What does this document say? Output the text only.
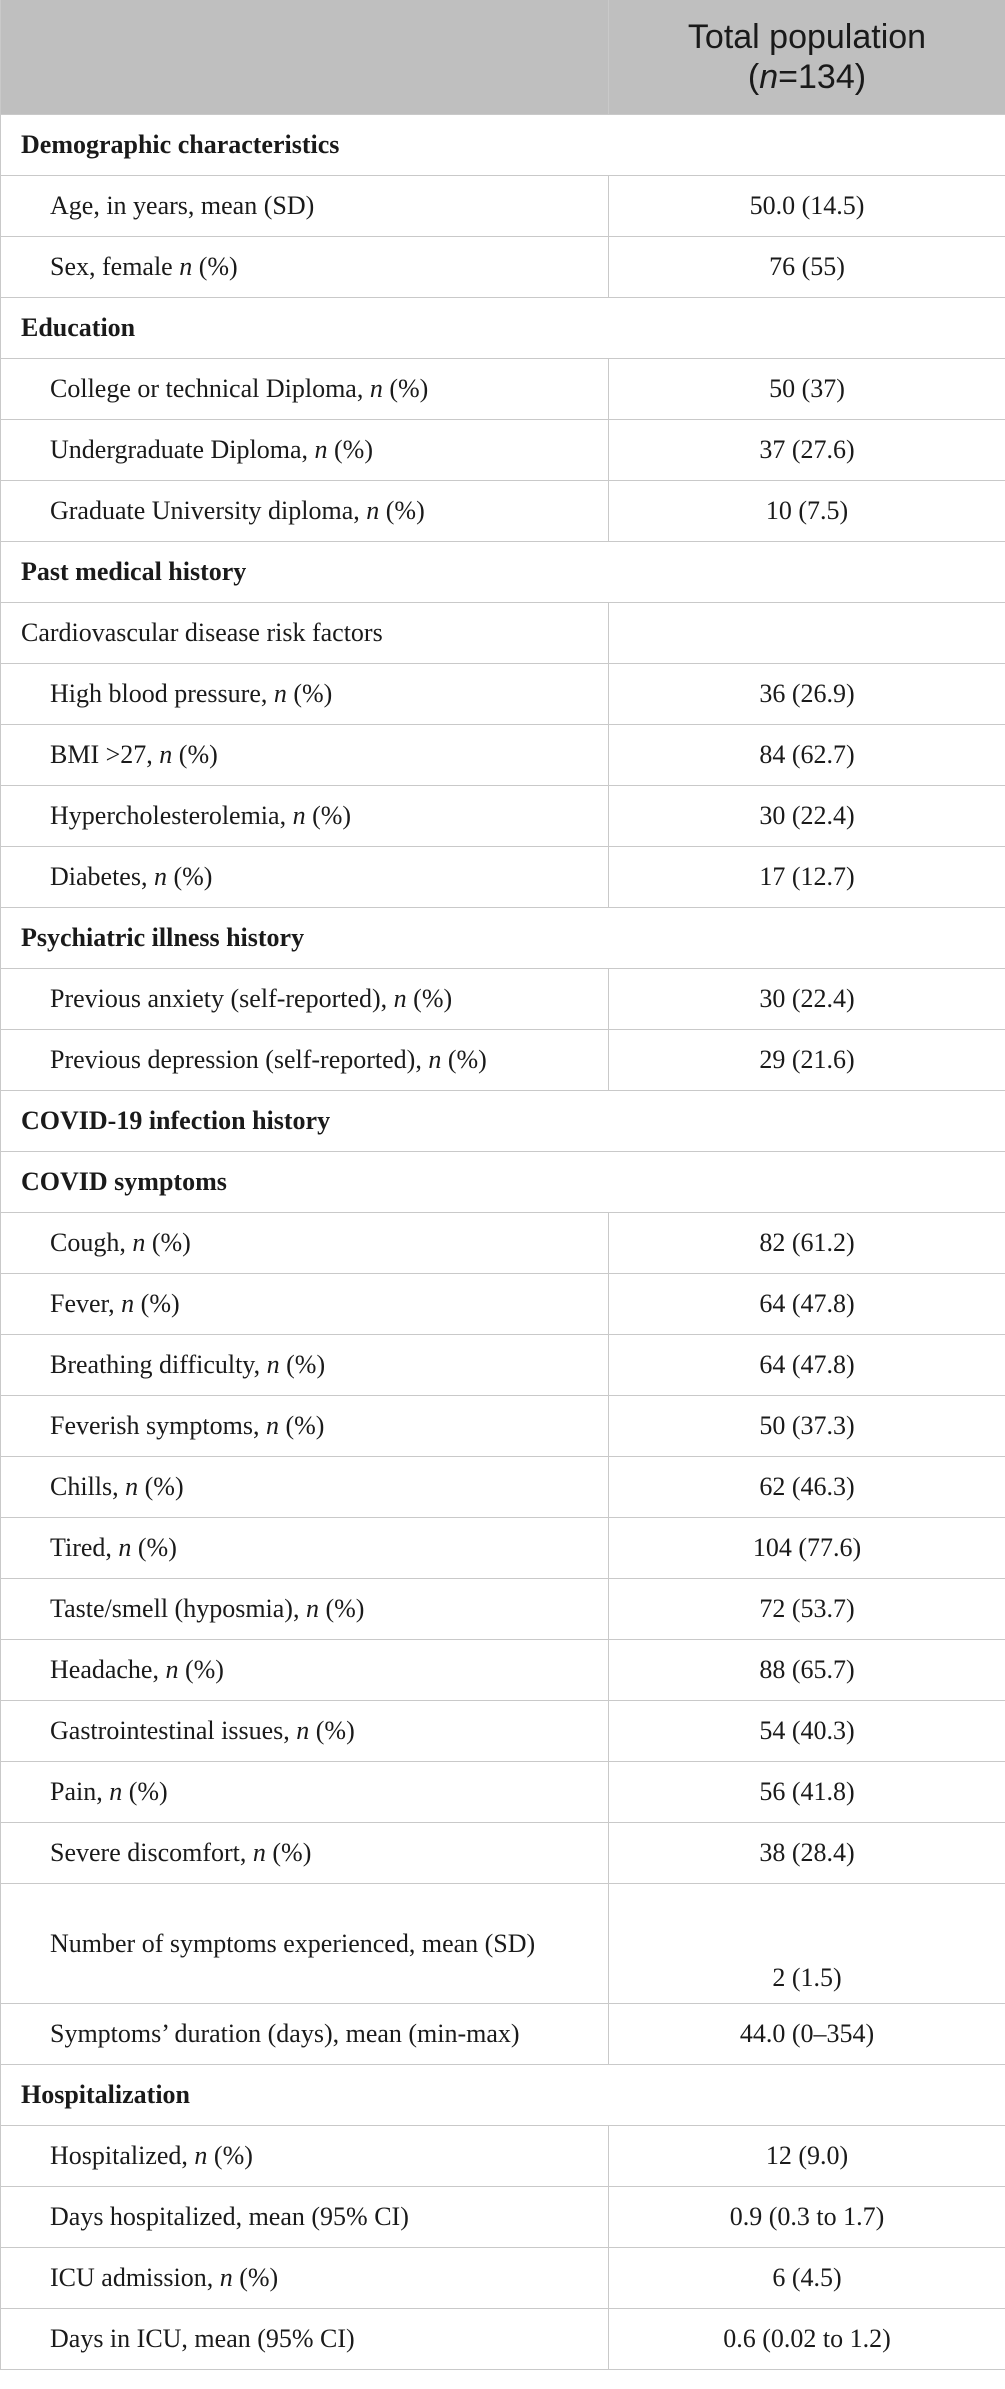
	Total population
(n=134)
Demographic characteristics	
Age, in years, mean (SD)	50.0 (14.5)
Sex, female n (%)	76 (55)
Education	
College or technical Diploma, n (%)	50 (37)
Undergraduate Diploma, n (%)	37 (27.6)
Graduate University diploma, n (%)	10 (7.5)
Past medical history	
Cardiovascular disease risk factors	
High blood pressure, n (%)	36 (26.9)
BMI >27, n (%)	84 (62.7)
Hypercholesterolemia, n (%)	30 (22.4)
Diabetes, n (%)	17 (12.7)
Psychiatric illness history	
Previous anxiety (self-reported), n (%)	30 (22.4)
Previous depression (self-reported), n (%)	29 (21.6)
COVID-19 infection history	
COVID symptoms	
Cough, n (%)	82 (61.2)
Fever, n (%)	64 (47.8)
Breathing difficulty, n (%)	64 (47.8)
Feverish symptoms, n (%)	50 (37.3)
Chills, n (%)	62 (46.3)
Tired, n (%)	104 (77.6)
Taste/smell (hyposmia), n (%)	72 (53.7)
Headache, n (%)	88 (65.7)
Gastrointestinal issues, n (%)	54 (40.3)
Pain, n (%)	56 (41.8)
Severe discomfort, n (%)	38 (28.4)
Number of symptoms experienced, mean (SD)	2 (1.5)
Symptoms’ duration (days), mean (min-max)	44.0 (0–354)
Hospitalization	
Hospitalized, n (%)	12 (9.0)
Days hospitalized, mean (95% CI)	0.9 (0.3 to 1.7)
ICU admission, n (%)	6 (4.5)
Days in ICU, mean (95% CI)	0.6 (0.02 to 1.2)
